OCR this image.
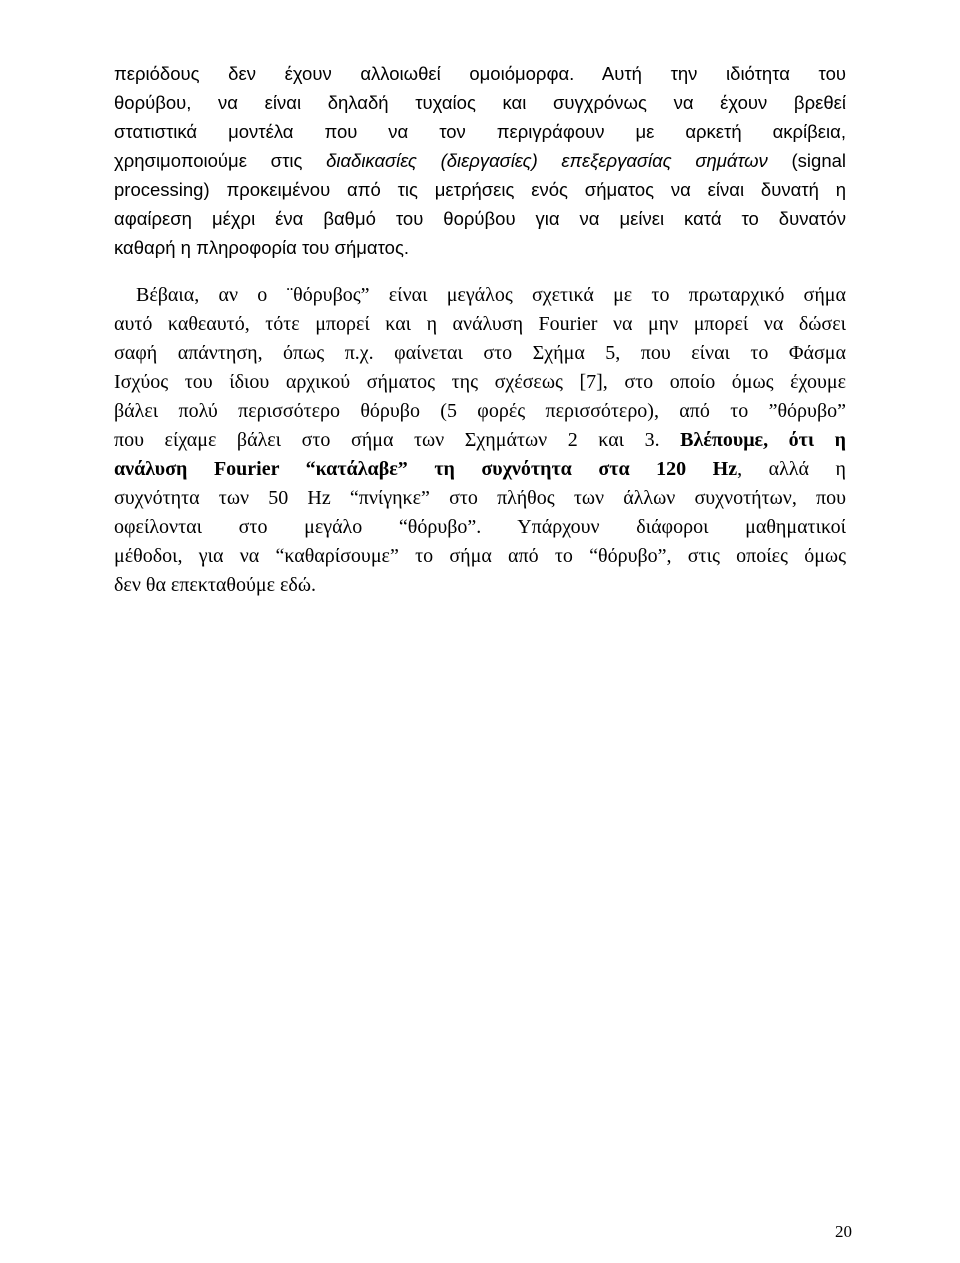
περιόδους δεν έχουν αλλοιωθεί ομοιόμορφα. Αυτή την ιδιότητα του
θορύβου, να είναι δηλαδή τυχαίος και συγχρόνως να έχουν βρεθεί
στατιστικά μοντέλα που να τον περιγράφουν με αρκετή ακρίβεια,
χρησιμοποιούμε στις διαδικασίες (διεργασίες) επεξεργασίας σημάτων (signal
processing) προκειμένου από τις μετρήσεις ενός σήματος να είναι δυνατή η
αφαίρεση μέχρι ένα βαθμό του θορύβου για να μείνει κατά το δυνατόν
καθαρή η πληροφορία του σήματος.
Βέβαια, αν ο ¨θόρυβος” είναι μεγάλος σχετικά με το πρωταρχικό σήμα
αυτό καθεαυτό, τότε μπορεί και η ανάλυση Fourier να μην μπορεί να δώσει
σαφή απάντηση, όπως π.χ. φαίνεται στο Σχήμα 5, που είναι το Φάσμα
Ισχύος του ίδιου αρχικού σήματος της σχέσεως [7], στο οποίο όμως έχουμε
βάλει πολύ περισσότερο θόρυβο (5 φορές περισσότερο), από το ”θόρυβο”
που είχαμε βάλει στο σήμα των Σχημάτων 2 και 3. Βλέπουμε, ότι η
ανάλυση Fourier “κατάλαβε” τη συχνότητα στα 120 Hz, αλλά η
συχνότητα των 50 Hz “πνίγηκε” στο πλήθος των άλλων συχνοτήτων, που
οφείλονται στο μεγάλο “θόρυβο”. Υπάρχουν διάφοροι μαθηματικοί
μέθοδοι, για να “καθαρίσουμε” το σήμα από το “θόρυβο”, στις οποίες όμως
δεν θα επεκταθούμε εδώ.
20
